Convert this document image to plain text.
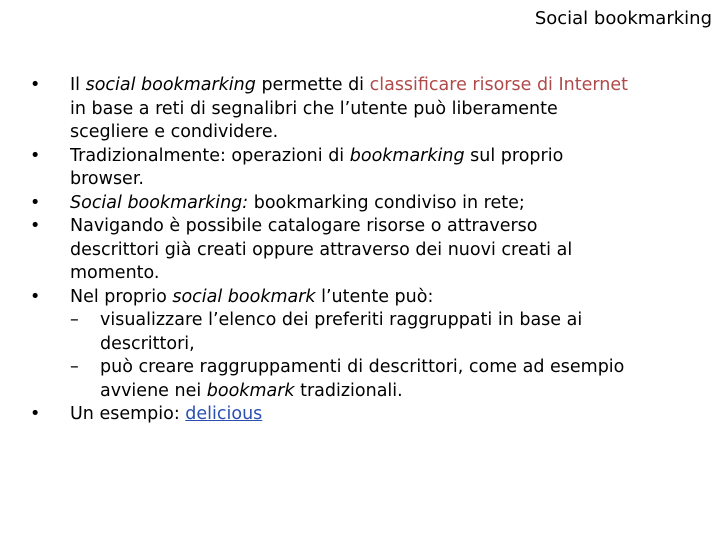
Social bookmarking
•	Il social bookmarking permette di classificare risorse di Internet in base a reti di segnalibri che l’utente può liberamente scegliere e condividere.
•	Tradizionalmente: operazioni di bookmarking sul proprio browser.
•	Social bookmarking: bookmarking condiviso in rete;
•	Navigando è possibile catalogare risorse o attraverso descrittori già creati oppure attraverso dei nuovi creati al momento.
•	Nel proprio social bookmark l’utente può:
– visualizzare l’elenco dei preferiti raggruppati in base ai descrittori,
– può creare raggruppamenti di descrittori, come ad esempio avviene nei bookmark tradizionali.
•	Un esempio: delicious
